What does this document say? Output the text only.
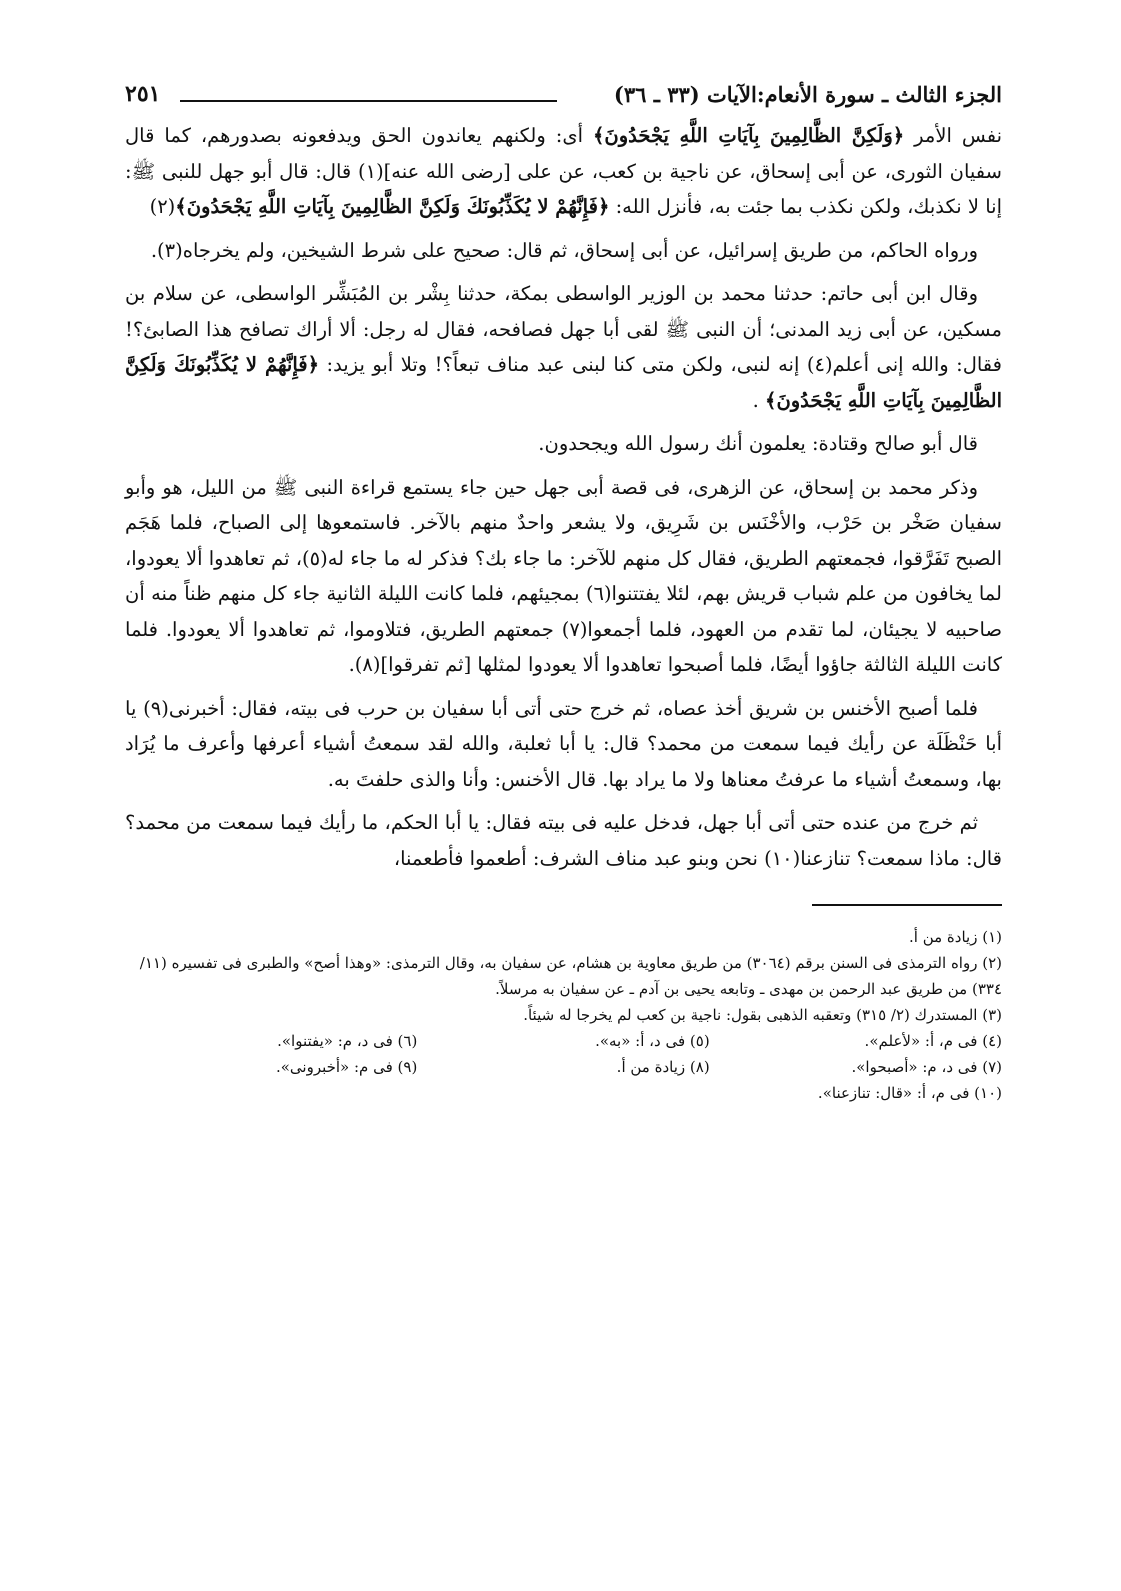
الجزء الثالث ـ سورة الأنعام:الآيات (٣٣ ـ ٣٦)
٢٥١

نفس الأمر ﴿وَلَكِنَّ الظَّالِمِينَ بِآيَاتِ اللَّهِ يَجْحَدُونَ﴾ أى: ولكنهم يعاندون الحق ويدفعونه بصدورهم، كما قال سفيان الثورى، عن أبى إسحاق، عن ناجية بن كعب، عن على [رضى الله عنه](١) قال: قال أبو جهل للنبى ﷺ: إنا لا نكذبك، ولكن نكذب بما جئت به، فأنزل الله: ﴿فَإِنَّهُمْ لا يُكَذِّبُونَكَ وَلَكِنَّ الظَّالِمِينَ بِآيَاتِ اللَّهِ يَجْحَدُونَ﴾(٢)

ورواه الحاكم، من طريق إسرائيل، عن أبى إسحاق، ثم قال: صحيح على شرط الشيخين، ولم يخرجاه(٣).

وقال ابن أبى حاتم: حدثنا محمد بن الوزير الواسطى بمكة، حدثنا بِشْر بن المُبَشِّر الواسطى، عن سلام بن مسكين، عن أبى زيد المدنى؛ أن النبى ﷺ لقى أبا جهل فصافحه، فقال له رجل: ألا أراك تصافح هذا الصابئ؟! فقال: والله إنى أعلم(٤) إنه لنبى، ولكن متى كنا لبنى عبد مناف تبعاً؟! وتلا أبو يزيد: ﴿فَإِنَّهُمْ لا يُكَذِّبُونَكَ وَلَكِنَّ الظَّالِمِينَ بِآيَاتِ اللَّهِ يَجْحَدُونَ﴾ .

قال أبو صالح وقتادة: يعلمون أنك رسول الله ويجحدون.

وذكر محمد بن إسحاق، عن الزهرى، فى قصة أبى جهل حين جاء يستمع قراءة النبى ﷺ من الليل، هو وأبو سفيان صَخْر بن حَرْب، والأخْنَس بن شَرِيق، ولا يشعر واحدٌ منهم بالآخر. فاستمعوها إلى الصباح، فلما هَجَم الصبح تَفَرَّقوا، فجمعتهم الطريق، فقال كل منهم للآخر: ما جاء بك؟ فذكر له ما جاء له(٥)، ثم تعاهدوا ألا يعودوا، لما يخافون من علم شباب قريش بهم، لئلا يفتتنوا(٦) بمجيئهم، فلما كانت الليلة الثانية جاء كل منهم ظناً منه أن صاحبيه لا يجيئان، لما تقدم من العهود، فلما أجمعوا(٧) جمعتهم الطريق، فتلاوموا، ثم تعاهدوا ألا يعودوا. فلما كانت الليلة الثالثة جاؤوا أيضًا، فلما أصبحوا تعاهدوا ألا يعودوا لمثلها [ثم تفرقوا](٨).

فلما أصبح الأخنس بن شريق أخذ عصاه، ثم خرج حتى أتى أبا سفيان بن حرب فى بيته، فقال: أخبرنى(٩) يا أبا حَنْظَلَة عن رأيك فيما سمعت من محمد؟ قال: يا أبا ثعلبة، والله لقد سمعتُ أشياء أعرفها وأعرف ما يُرَاد بها، وسمعتُ أشياء ما عرفتُ معناها ولا ما يراد بها. قال الأخنس: وأنا والذى حلفتَ به.

ثم خرج من عنده حتى أتى أبا جهل، فدخل عليه فى بيته فقال: يا أبا الحكم، ما رأيك فيما سمعت من محمد؟ قال: ماذا سمعت؟ تنازعنا(١٠) نحن وبنو عبد مناف الشرف: أطعموا فأطعمنا،

(١) زيادة من أ.

(٢) رواه الترمذى فى السنن برقم (٣٠٦٤) من طريق معاوية بن هشام، عن سفيان به، وقال الترمذى: «وهذا أصح» والطبرى فى تفسيره (١١/ ٣٣٤) من طريق عبد الرحمن بن مهدى ـ وتابعه يحيى بن آدم ـ عن سفيان به مرسلاً.

(٣) المستدرك (٢/ ٣١٥) وتعقبه الذهبى بقول: ناجية بن كعب لم يخرجا له شيئاً.

(٤) فى م، أ: «لأعلم».
(٥) فى د، أ: «به».
(٦) فى د، م: «يفتنوا».
(٧) فى د، م: «أصبحوا».
(٨) زيادة من أ.
(٩) فى م: «أخبرونى».

(١٠) فى م، أ: «قال: تنازعنا».
